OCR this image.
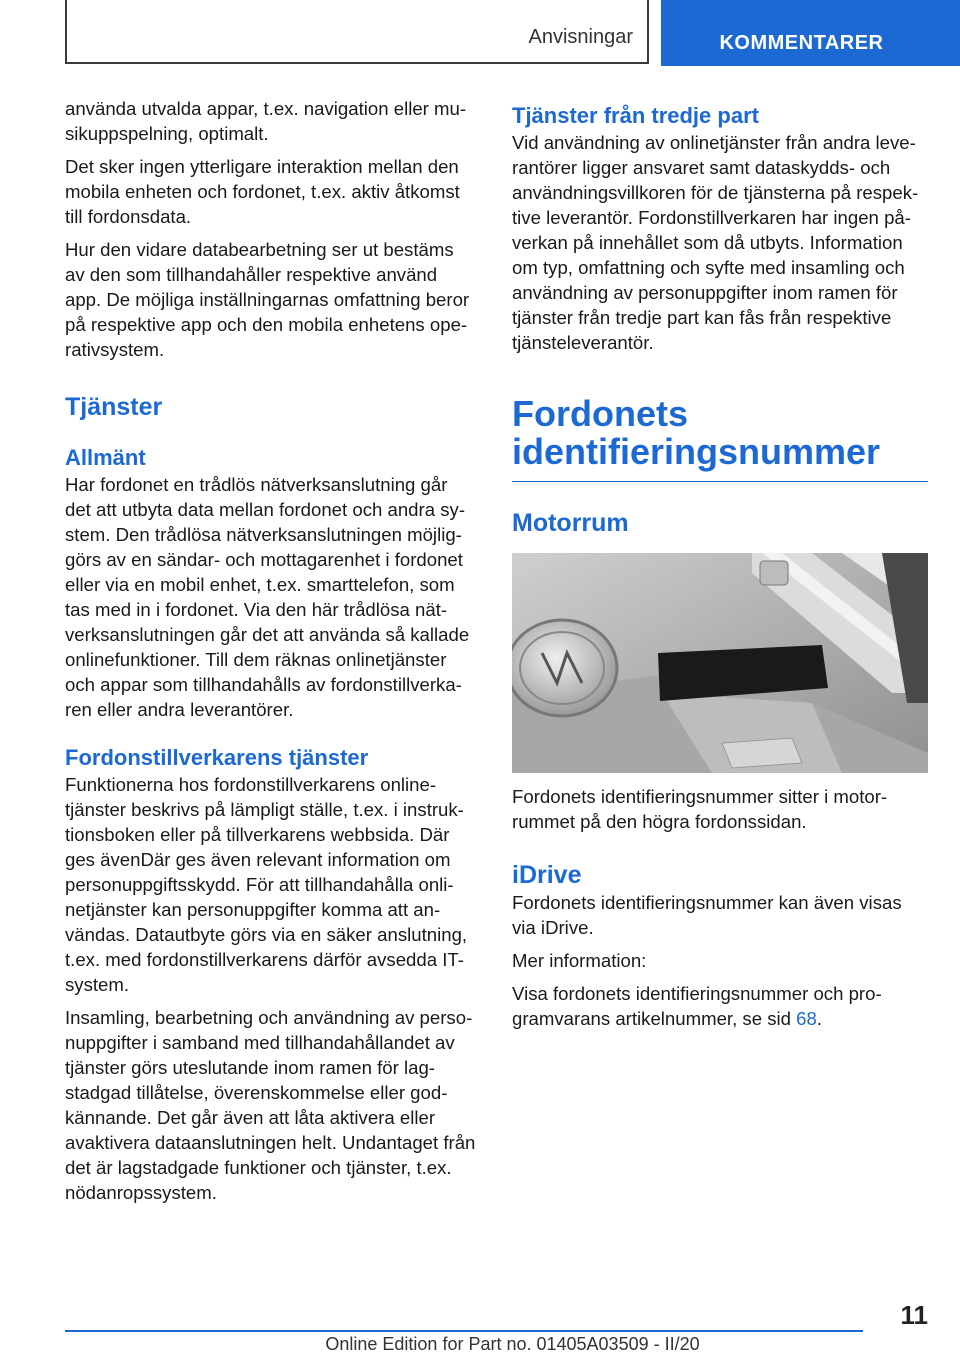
Anvisningar	KOMMENTARER

använda utvalda appar, t.ex. navigation eller mu-sikuppspelning, optimalt.

Det sker ingen ytterligare interaktion mellan den mobila enheten och fordonet, t.ex. aktiv åtkomst till fordonsdata.

Hur den vidare databearbetning ser ut bestäms av den som tillhandahåller respektive använd app. De möjliga inställningarnas omfattning beror på respektive app och den mobila enhetens ope-rativsystem.

Tjänster
Allmänt

Har fordonet en trådlös nätverksanslutning går det att utbyta data mellan fordonet och andra sy-stem. Den trådlösa nätverksanslutningen möjlig-görs av en sändar- och mottagarenhet i fordonet eller via en mobil enhet, t.ex. smarttelefon, som tas med in i fordonet. Via den här trådlösa nät-verksanslutningen går det att använda så kallade onlinefunktioner. Till dem räknas onlinetjänster och appar som tillhandahålls av fordonstillverka-ren eller andra leverantörer.

Fordonstillverkarens tjänster

Funktionerna hos fordonstillverkarens online-tjänster beskrivs på lämpligt ställe, t.ex. i instruk-tionsboken eller på tillverkarens webbsida. Där ges ävenDär ges även relevant information om personuppgiftsskydd. För att tillhandahålla onli-netjänster kan personuppgifter komma att an-vändas. Datautbyte görs via en säker anslutning, t.ex. med fordonstillverkarens därför avsedda IT-system.

Insamling, bearbetning och användning av perso-nuppgifter i samband med tillhandahållandet av tjänster görs uteslutande inom ramen för lag-stadgad tillåtelse, överenskommelse eller god-kännande. Det går även att låta aktivera eller avaktivera dataanslutningen helt. Undantaget från det är lagstadgade funktioner och tjänster, t.ex. nödanropssystem.

Tjänster från tredje part

Vid användning av onlinetjänster från andra leve-rantörer ligger ansvaret samt dataskydds- och användningsvillkoren för de tjänsterna på respek-tive leverantör. Fordonstillverkaren har ingen på-verkan på innehållet som då utbyts. Information om typ, omfattning och syfte med insamling och användning av personuppgifter inom ramen för tjänster från tredje part kan fås från respektive tjänsteleverantör.

Fordonets
identifieringsnummer
Motorrum

Fordonets identifieringsnummer sitter i motor-rummet på den högra fordonssidan.

iDrive

Fordonets identifieringsnummer kan även visas via iDrive.

Mer information:

Visa fordonets identifieringsnummer och pro-gramvarans artikelnummer, se sid 68.

11
Online Edition for Part no. 01405A03509 - II/20
